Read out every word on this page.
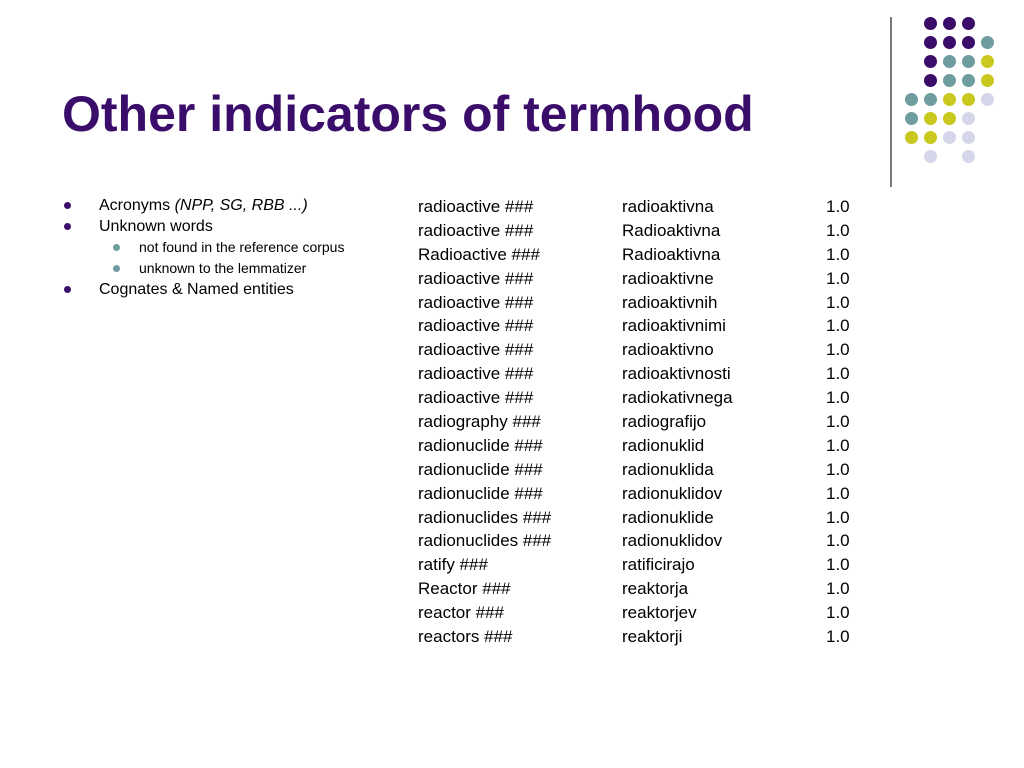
Other indicators of termhood
Acronyms (NPP, SG, RBB ...)
Unknown words
not found in the reference corpus
unknown to the lemmatizer
Cognates & Named entities
radioactive ###	radioaktivna	1.0
radioactive ###	Radioaktivna	1.0
Radioactive ###	Radioaktivna	1.0
radioactive ###	radioaktivne	1.0
radioactive ###	radioaktivnih	1.0
radioactive ###	radioaktivnimi	1.0
radioactive ###	radioaktivno	1.0
radioactive ###	radioaktivnosti	1.0
radioactive ###	radiokativnega	1.0
radiography ###	radiografijo	1.0
radionuclide ###	radionuklid	1.0
radionuclide ###	radionuklida	1.0
radionuclide ###	radionuklidov	1.0
radionuclides ###	radionuklide	1.0
radionuclides ###	radionuklidov	1.0
ratify ###	ratificirajo	1.0
Reactor ###	reaktorja	1.0
reactor ###	reaktorjev	1.0
reactors ###	reaktorji	1.0
